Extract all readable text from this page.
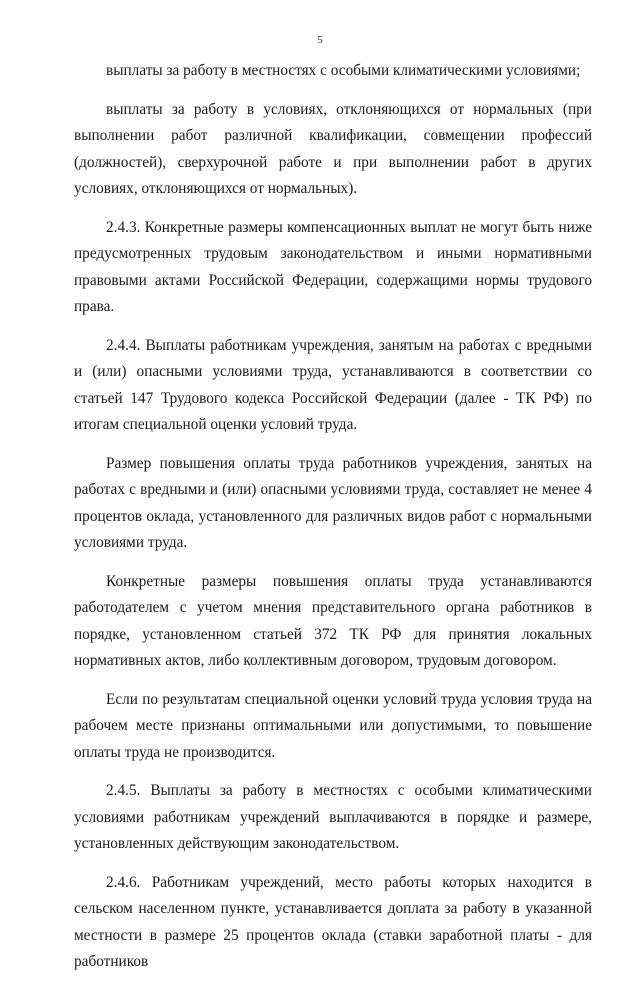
5

выплаты за работу в местностях с особыми климатическими условиями;

выплаты за работу в условиях, отклоняющихся от нормальных (при выполнении работ различной квалификации, совмещении профессий (должностей), сверхурочной работе и при выполнении работ в других условиях, отклоняющихся от нормальных).

2.4.3. Конкретные размеры компенсационных выплат не могут быть ниже предусмотренных трудовым законодательством и иными нормативными правовыми актами Российской Федерации, содержащими нормы трудового права.

2.4.4. Выплаты работникам учреждения, занятым на работах с вредными и (или) опасными условиями труда, устанавливаются в соответствии со статьей 147 Трудового кодекса Российской Федерации (далее - ТК РФ) по итогам специальной оценки условий труда.

Размер повышения оплаты труда работников учреждения, занятых на работах с вредными и (или) опасными условиями труда, составляет не менее 4 процентов оклада, установленного для различных видов работ с нормальными условиями труда.

Конкретные размеры повышения оплаты труда устанавливаются работодателем с учетом мнения представительного органа работников в порядке, установленном статьей 372 ТК РФ для принятия локальных нормативных актов, либо коллективным договором, трудовым договором.

Если по результатам специальной оценки условий труда условия труда на рабочем месте признаны оптимальными или допустимыми, то повышение оплаты труда не производится.

2.4.5. Выплаты за работу в местностях с особыми климатическими условиями работникам учреждений выплачиваются в порядке и размере, установленных действующим законодательством.

2.4.6. Работникам учреждений, место работы которых находится в сельском населенном пункте, устанавливается доплата за работу в указанной местности в размере 25 процентов оклада (ставки заработной платы - для работников
